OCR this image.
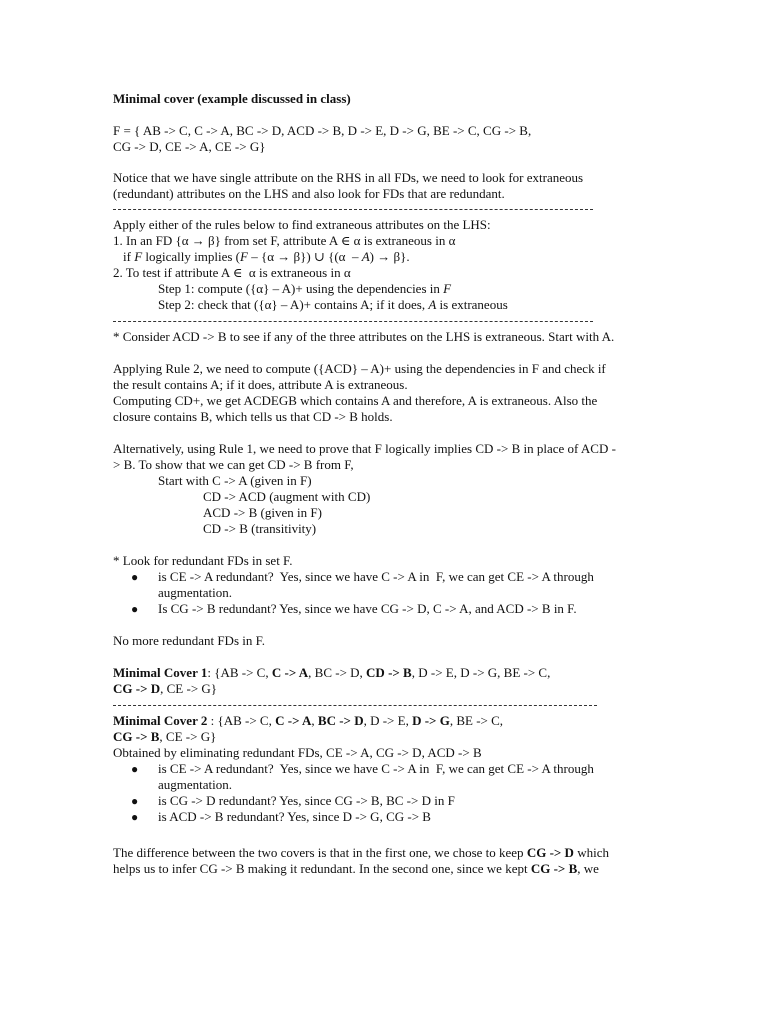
Minimal cover (example discussed in class)
F = { AB -> C, C -> A, BC -> D, ACD -> B, D -> E, D -> G, BE -> C, CG -> B,
CG -> D, CE -> A, CE -> G}
Notice that we have single attribute on the RHS in all FDs, we need to look for extraneous
(redundant) attributes on the LHS and also look for FDs that are redundant.
Apply either of the rules below to find extraneous attributes on the LHS:
1. In an FD {α → β} from set F, attribute A ∈ α is extraneous in α
if F logically implies (F – {α → β}) ∪ {(α  – A) → β}.
2. To test if attribute A ∈  α is extraneous in α
Step 1: compute ({α} – A)+ using the dependencies in F
Step 2: check that ({α} – A)+ contains A; if it does, A is extraneous
* Consider ACD -> B to see if any of the three attributes on the LHS is extraneous. Start with A.
Applying Rule 2, we need to compute ({ACD} – A)+ using the dependencies in F and check if
the result contains A; if it does, attribute A is extraneous.
Computing CD+, we get ACDEGB which contains A and therefore, A is extraneous. Also the
closure contains B, which tells us that CD -> B holds.
Alternatively, using Rule 1, we need to prove that F logically implies CD -> B in place of ACD -
> B. To show that we can get CD -> B from F,
Start with C -> A (given in F)
CD -> ACD (augment with CD)
ACD -> B (given in F)
CD -> B (transitivity)
* Look for redundant FDs in set F.
● is CE -> A redundant?  Yes, since we have C -> A in  F, we can get CE -> A through
augmentation.
● Is CG -> B redundant? Yes, since we have CG -> D, C -> A, and ACD -> B in F.
No more redundant FDs in F.
Minimal Cover 1: {AB -> C, C -> A, BC -> D, CD -> B, D -> E, D -> G, BE -> C,
CG -> D, CE -> G}
Minimal Cover 2 : {AB -> C, C -> A, BC -> D, D -> E, D -> G, BE -> C,
CG -> B, CE -> G}
Obtained by eliminating redundant FDs, CE -> A, CG -> D, ACD -> B
● is CE -> A redundant?  Yes, since we have C -> A in  F, we can get CE -> A through
augmentation.
● is CG -> D redundant? Yes, since CG -> B, BC -> D in F
● is ACD -> B redundant? Yes, since D -> G, CG -> B
The difference between the two covers is that in the first one, we chose to keep CG -> D which
helps us to infer CG -> B making it redundant. In the second one, since we kept CG -> B, we
